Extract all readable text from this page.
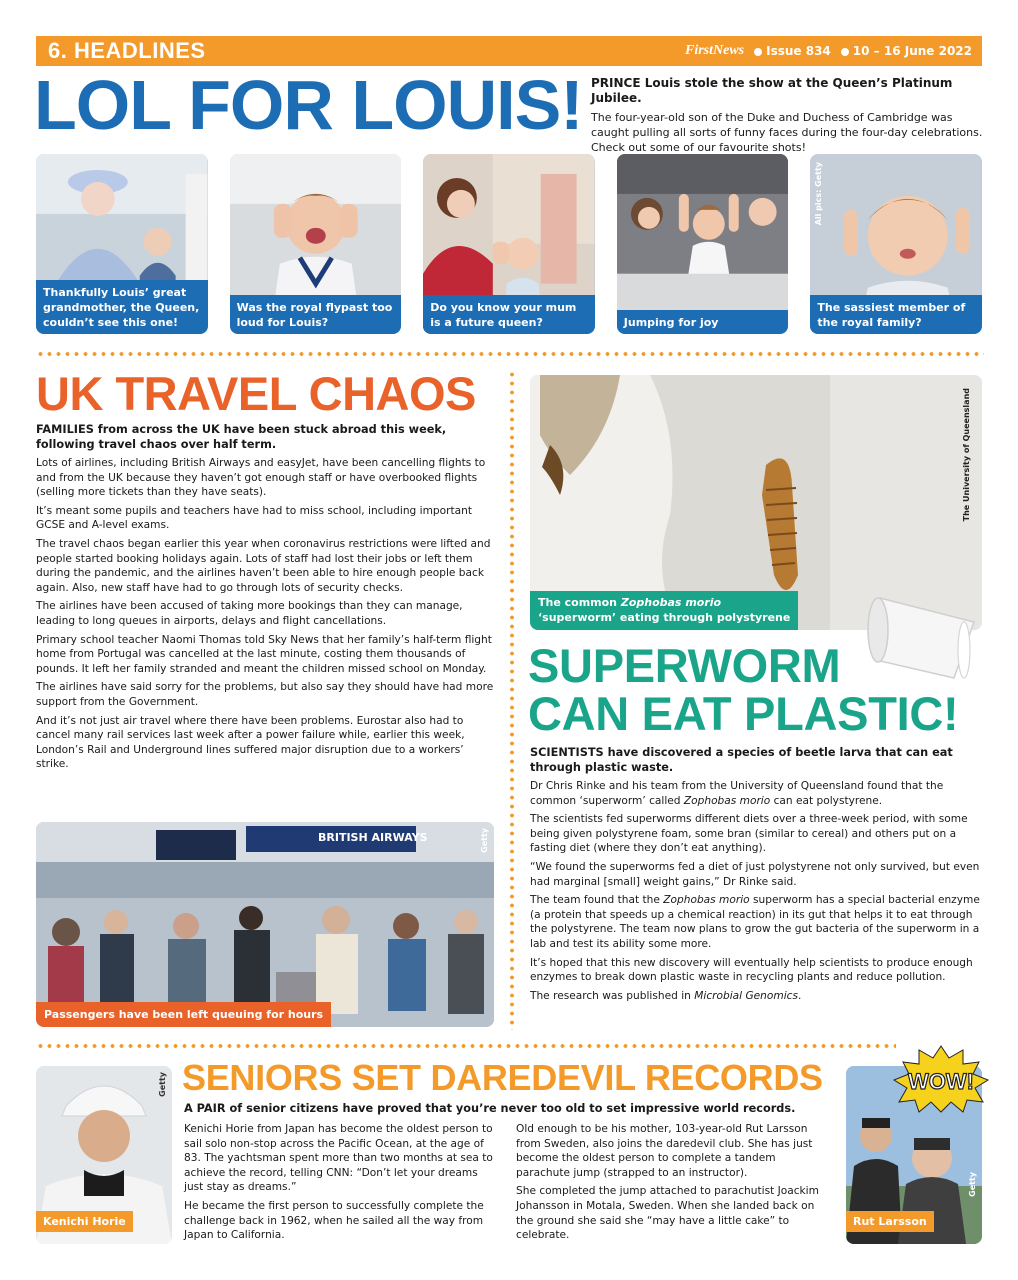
6. HEADLINES	FirstNews	Issue 834	10 – 16 June 2022
LOL FOR LOUIS! PRINCE Louis stole the show at the Queen’s Platinum Jubilee.
The four-year-old son of the Duke and Duchess of Cambridge was caught pulling all sorts of funny faces during the four-day celebrations. Check out some of our favourite shots!
Thankfully Louis’ great grandmother, the Queen, couldn’t see this one!
Was the royal flypast too loud for Louis?
Do you know your mum is a future queen?	Jumping for joy
All pics: Getty
The sassiest member of the royal family?
UK TRAVEL CHAOS

FAMILIES from across the UK have been stuck abroad this week, following travel chaos over half term.

Lots of airlines, including British Airways and easyJet, have been cancelling flights to and from the UK because they haven’t got enough staff or have overbooked flights (selling more tickets than they have seats).

It’s meant some pupils and teachers have had to miss school, including important GCSE and A-level exams.

The travel chaos began earlier this year when coronavirus restrictions were lifted and people started booking holidays again. Lots of staff had lost their jobs or left them during the pandemic, and the airlines haven’t been able to hire enough people back again. Also, new staff have had to go through lots of security checks.

The airlines have been accused of taking more bookings than they can manage, leading to long queues in airports, delays and flight cancellations.

Primary school teacher Naomi Thomas told Sky News that her family’s half-term flight home from Portugal was cancelled at the last minute, costing them thousands of pounds. It left her family stranded and meant the children missed school on Monday.

The airlines have said sorry for the problems, but also say they should have had more support from the Government.

And it’s not just air travel where there have been problems. Eurostar also had to cancel many rail services last week after a power failure while, earlier this week, London’s Rail and Underground lines suffered major disruption due to a workers’ strike.

BRITISH AIRWAYS	Getty
Passengers have been left queuing for hours
The common Zophobas morio
‘superworm’ eating through polystyrene
The University of Queensland
SUPERWORM
CAN EAT PLASTIC!

SCIENTISTS have discovered a species of beetle larva that can eat through plastic waste.

Dr Chris Rinke and his team from the University of Queensland found that the common ‘superworm’ called Zophobas morio can eat polystyrene.

The scientists fed superworms different diets over a three-week period, with some being given polystyrene foam, some bran (similar to cereal) and others put on a fasting diet (where they don’t eat anything).

“We found the superworms fed a diet of just polystyrene not only survived, but even had marginal [small] weight gains,” Dr Rinke said.

The team found that the Zophobas morio superworm has a special bacterial enzyme (a protein that speeds up a chemical reaction) in its gut that helps it to eat through the polystyrene. The team now plans to grow the gut bacteria of the superworm in a lab and test its ability some more.

It’s hoped that this new discovery will eventually help scientists to produce enough enzymes to break down plastic waste in recycling plants and reduce pollution.

The research was published in Microbial Genomics.

Getty
Kenichi Horie
SENIORS SET DAREDEVIL RECORDS
A PAIR of senior citizens have proved that you’re never too old to set impressive world records.

Kenichi Horie from Japan has become the oldest person to sail solo non-stop across the Pacific Ocean, at the age of 83. The yachtsman spent more than two months at sea to achieve the record, telling CNN: “Don’t let your dreams just stay as dreams.”

He became the first person to successfully complete the challenge back in 1962, when he sailed all the way from Japan to California.

Old enough to be his mother, 103-year-old Rut Larsson from Sweden, also joins the daredevil club. She has just become the oldest person to complete a tandem parachute jump (strapped to an instructor).

She completed the jump attached to parachutist Joackim Johansson in Motala, Sweden. When she landed back on the ground she said she “may have a little cake” to celebrate.

Getty
Rut Larsson
WOW!
